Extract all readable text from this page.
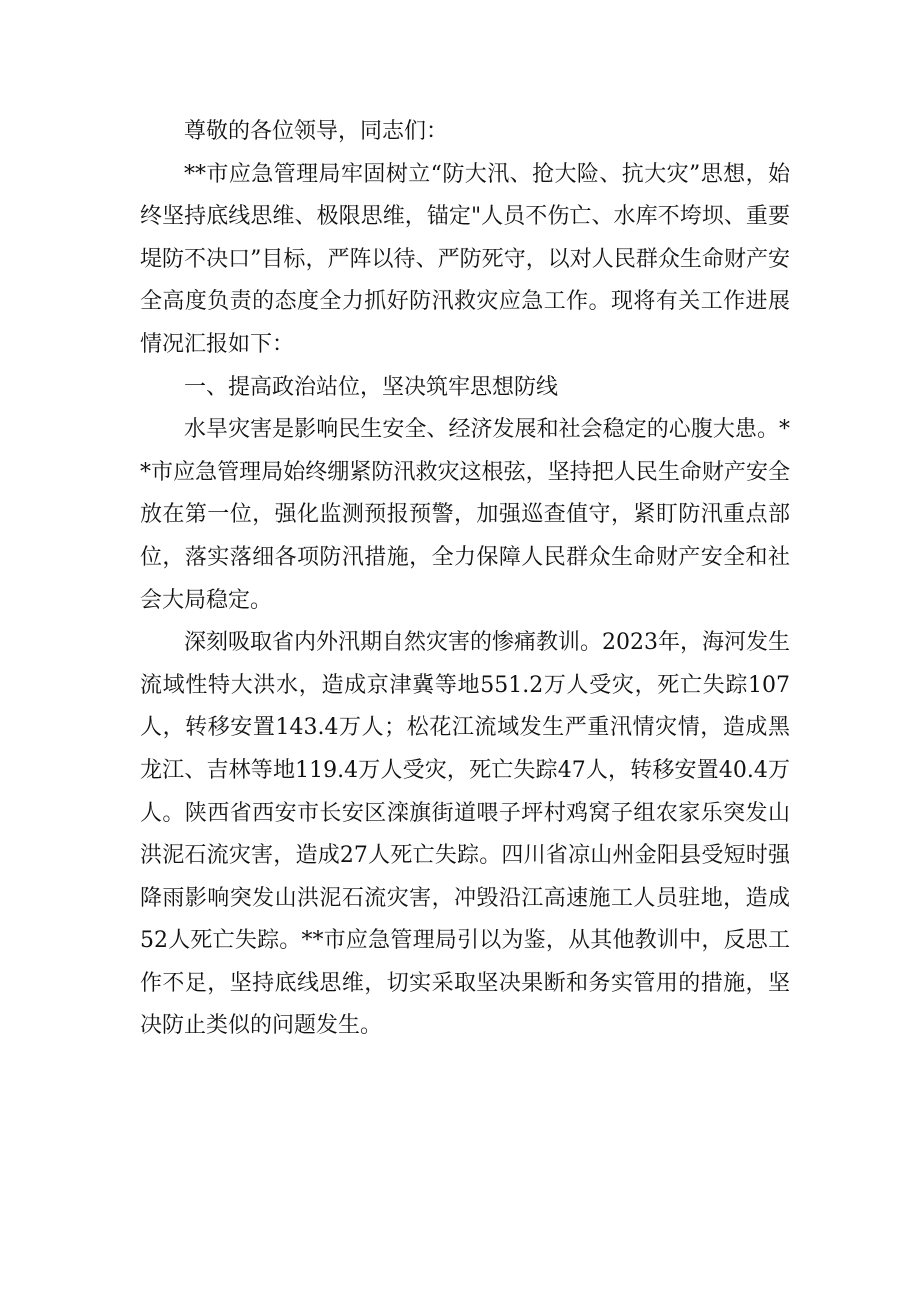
尊敬的各位领导，同志们：

**市应急管理局牢固树立“防大汛、抢大险、抗大灾”思想，始终坚持底线思维、极限思维，锚定"人员不伤亡、水库不垮坝、重要堤防不决口”目标，严阵以待、严防死守，以对人民群众生命财产安全高度负责的态度全力抓好防汛救灾应急工作。现将有关工作进展情况汇报如下：

一、提高政治站位，坚决筑牢思想防线

水旱灾害是影响民生安全、经济发展和社会稳定的心腹大患。**市应急管理局始终绷紧防汛救灾这根弦，坚持把人民生命财产安全放在第一位，强化监测预报预警，加强巡查值守，紧盯防汛重点部位，落实落细各项防汛措施，全力保障人民群众生命财产安全和社会大局稳定。

深刻吸取省内外汛期自然灾害的惨痛教训。2023年，海河发生流域性特大洪水，造成京津冀等地551.2万人受灾，死亡失踪107人，转移安置143.4万人；松花江流域发生严重汛情灾情，造成黑龙江、吉林等地119.4万人受灾，死亡失踪47人，转移安置40.4万人。陕西省西安市长安区滦旗街道喂子坪村鸡窝子组农家乐突发山洪泥石流灾害，造成27人死亡失踪。四川省凉山州金阳县受短时强降雨影响突发山洪泥石流灾害，冲毁沿江高速施工人员驻地，造成52人死亡失踪。**市应急管理局引以为鉴，从其他教训中，反思工作不足，坚持底线思维，切实采取坚决果断和务实管用的措施，坚决防止类似的问题发生。
